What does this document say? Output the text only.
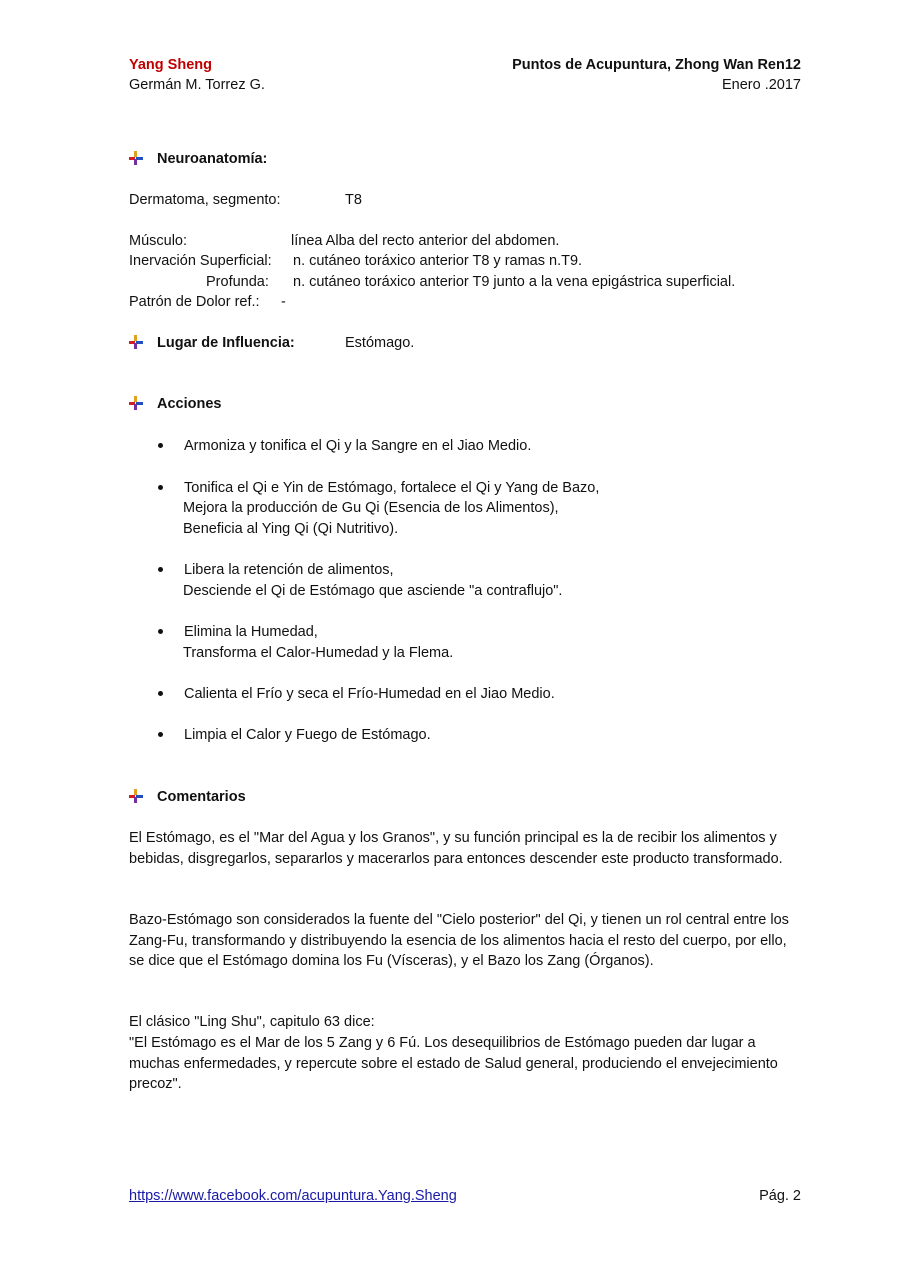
Yang Sheng
Germán M. Torrez G.
Puntos de Acupuntura, Zhong Wan Ren12
Enero .2017
Neuroanatomía:
Dermatoma, segmento:	T8
Músculo:	línea Alba del recto anterior del abdomen.
Inervación Superficial: n. cutáneo toráxico anterior T8 y ramas n.T9.
Profunda: n. cutáneo toráxico anterior T9 junto a la vena epigástrica superficial.
Patrón de Dolor ref.: -
Lugar de Influencia:	Estómago.
Acciones
Armoniza y tonifica el Qi y la Sangre en el Jiao Medio.
Tonifica el Qi e Yin de Estómago, fortalece el Qi y Yang de Bazo,
Mejora la producción de Gu Qi (Esencia de los Alimentos),
Beneficia al Ying Qi (Qi Nutritivo).
Libera la retención de alimentos,
Desciende el Qi de Estómago que asciende "a contraflujo".
Elimina la Humedad,
Transforma el Calor-Humedad y la Flema.
Calienta el Frío y seca el Frío-Humedad en el Jiao Medio.
Limpia el Calor y Fuego de Estómago.
Comentarios
El Estómago, es el "Mar del Agua y los Granos", y su función principal es la de recibir los alimentos y bebidas, disgregarlos, separarlos y macerarlos para entonces descender este producto transformado.
Bazo-Estómago son considerados la fuente del "Cielo posterior" del Qi, y tienen un rol central entre los Zang-Fu, transformando y distribuyendo la esencia de los alimentos hacia el resto del cuerpo, por ello, se dice que el Estómago domina los Fu (Vísceras), y el Bazo los Zang (Órganos).
El clásico "Ling Shu", capitulo 63 dice:
"El Estómago es el Mar de los 5 Zang y 6 Fú. Los desequilibrios de Estómago pueden dar lugar a muchas enfermedades, y repercute sobre el estado de Salud general, produciendo el envejecimiento precoz".
https://www.facebook.com/acupuntura.Yang.Sheng	Pág. 2
